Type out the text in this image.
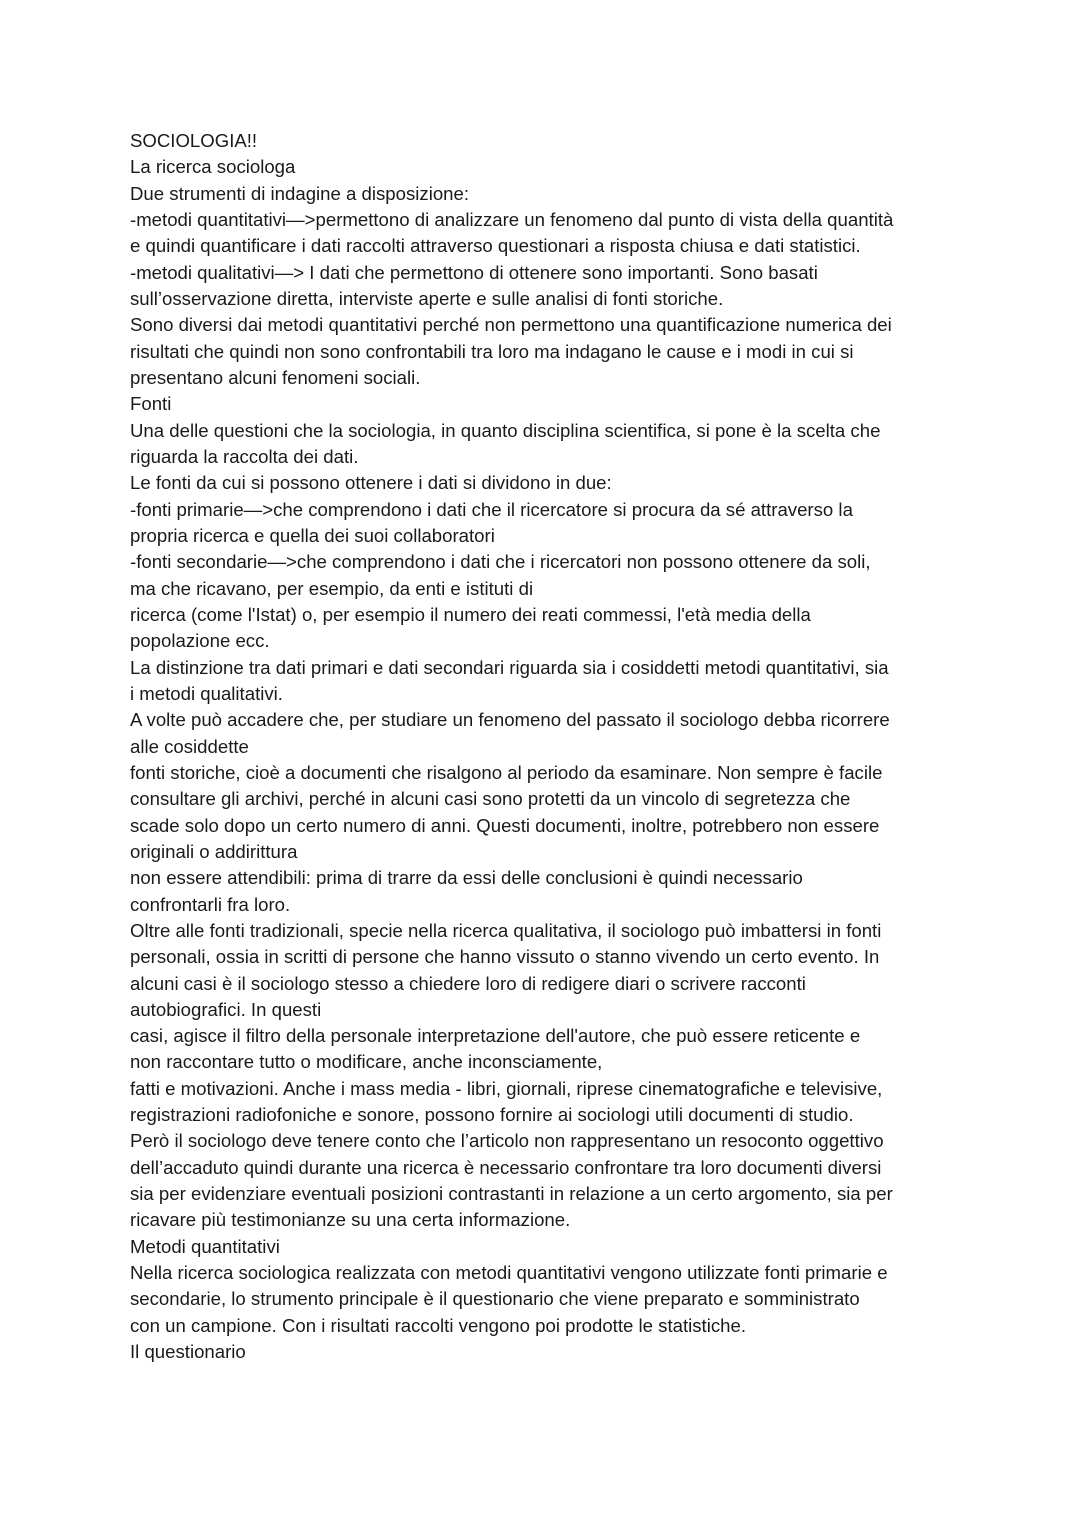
SOCIOLOGIA!!
La ricerca sociologa
Due strumenti di indagine a disposizione:
-metodi quantitativi—>permettono di analizzare un fenomeno dal punto di vista della quantità
e quindi quantificare i dati raccolti attraverso questionari a risposta chiusa e dati statistici.
-metodi qualitativi—> I dati che permettono di ottenere sono importanti. Sono basati
sull’osservazione diretta, interviste aperte e sulle analisi di fonti storiche.
Sono diversi dai metodi quantitativi perché non permettono una quantificazione numerica dei
risultati che quindi non sono confrontabili tra loro ma indagano le cause e i modi in cui si
presentano alcuni fenomeni sociali.
Fonti
Una delle questioni che la sociologia, in quanto disciplina scientifica, si pone è la scelta che
riguarda la raccolta dei dati.
Le fonti da cui si possono ottenere i dati si dividono in due:
-fonti primarie—>che comprendono i dati che il ricercatore si procura da sé attraverso la
propria ricerca e quella dei suoi collaboratori
-fonti secondarie—>che comprendono i dati che i ricercatori non possono ottenere da soli,
ma che ricavano, per esempio, da enti e istituti di
ricerca (come l'Istat) o, per esempio il numero dei reati commessi, l'età media della
popolazione ecc.
La distinzione tra dati primari e dati secondari riguarda sia i cosiddetti metodi quantitativi, sia
i metodi qualitativi.
A volte può accadere che, per studiare un fenomeno del passato il sociologo debba ricorrere
alle cosiddette
fonti storiche, cioè a documenti che risalgono al periodo da esaminare. Non sempre è facile
consultare gli archivi, perché in alcuni casi sono protetti da un vincolo di segretezza che
scade solo dopo un certo numero di anni. Questi documenti, inoltre, potrebbero non essere
originali o addirittura
non essere attendibili: prima di trarre da essi delle conclusioni è quindi necessario
confrontarli fra loro.
Oltre alle fonti tradizionali, specie nella ricerca qualitativa, il sociologo può imbattersi in fonti
personali, ossia in scritti di persone che hanno vissuto o stanno vivendo un certo evento. In
alcuni casi è il sociologo stesso a chiedere loro di redigere diari o scrivere racconti
autobiografici. In questi
casi, agisce il filtro della personale interpretazione dell'autore, che può essere reticente e
non raccontare tutto o modificare, anche inconsciamente,
fatti e motivazioni. Anche i mass media - libri, giornali, riprese cinematografiche e televisive,
registrazioni radiofoniche e sonore, possono fornire ai sociologi utili documenti di studio.
Però il sociologo deve tenere conto che l’articolo non rappresentano un resoconto oggettivo
dell’accaduto quindi durante una ricerca è necessario confrontare tra loro documenti diversi
sia per evidenziare eventuali posizioni contrastanti in relazione a un certo argomento, sia per
ricavare più testimonianze su una certa informazione.
Metodi quantitativi
Nella ricerca sociologica realizzata con metodi quantitativi vengono utilizzate fonti primarie e
secondarie, lo strumento principale è il questionario che viene preparato e somministrato
con un campione. Con i risultati raccolti vengono poi prodotte le statistiche.
Il questionario
